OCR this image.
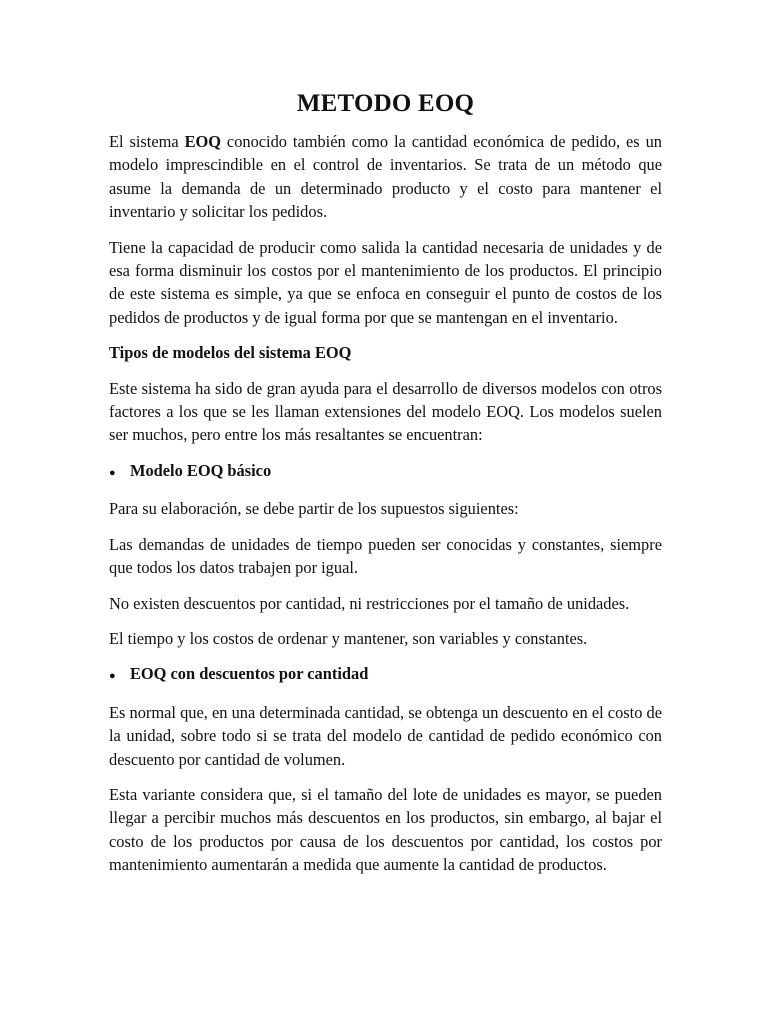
METODO EOQ

El sistema EOQ conocido también como la cantidad económica de pedido, es un modelo imprescindible en el control de inventarios. Se trata de un método que asume la demanda de un determinado producto y el costo para mantener el inventario y solicitar los pedidos.

Tiene la capacidad de producir como salida la cantidad necesaria de unidades y de esa forma disminuir los costos por el mantenimiento de los productos. El principio de este sistema es simple, ya que se enfoca en conseguir el punto de costos de los pedidos de productos y de igual forma por que se mantengan en el inventario.

Tipos de modelos del sistema EOQ

Este sistema ha sido de gran ayuda para el desarrollo de diversos modelos con otros factores a los que se les llaman extensiones del modelo EOQ. Los modelos suelen ser muchos, pero entre los más resaltantes se encuentran:

● Modelo EOQ básico

Para su elaboración, se debe partir de los supuestos siguientes:

Las demandas de unidades de tiempo pueden ser conocidas y constantes, siempre que todos los datos trabajen por igual.

No existen descuentos por cantidad, ni restricciones por el tamaño de unidades.

El tiempo y los costos de ordenar y mantener, son variables y constantes.

● EOQ con descuentos por cantidad

Es normal que, en una determinada cantidad, se obtenga un descuento en el costo de la unidad, sobre todo si se trata del modelo de cantidad de pedido económico con descuento por cantidad de volumen.

Esta variante considera que, si el tamaño del lote de unidades es mayor, se pueden llegar a percibir muchos más descuentos en los productos, sin embargo, al bajar el costo de los productos por causa de los descuentos por cantidad, los costos por mantenimiento aumentarán a medida que aumente la cantidad de productos.
